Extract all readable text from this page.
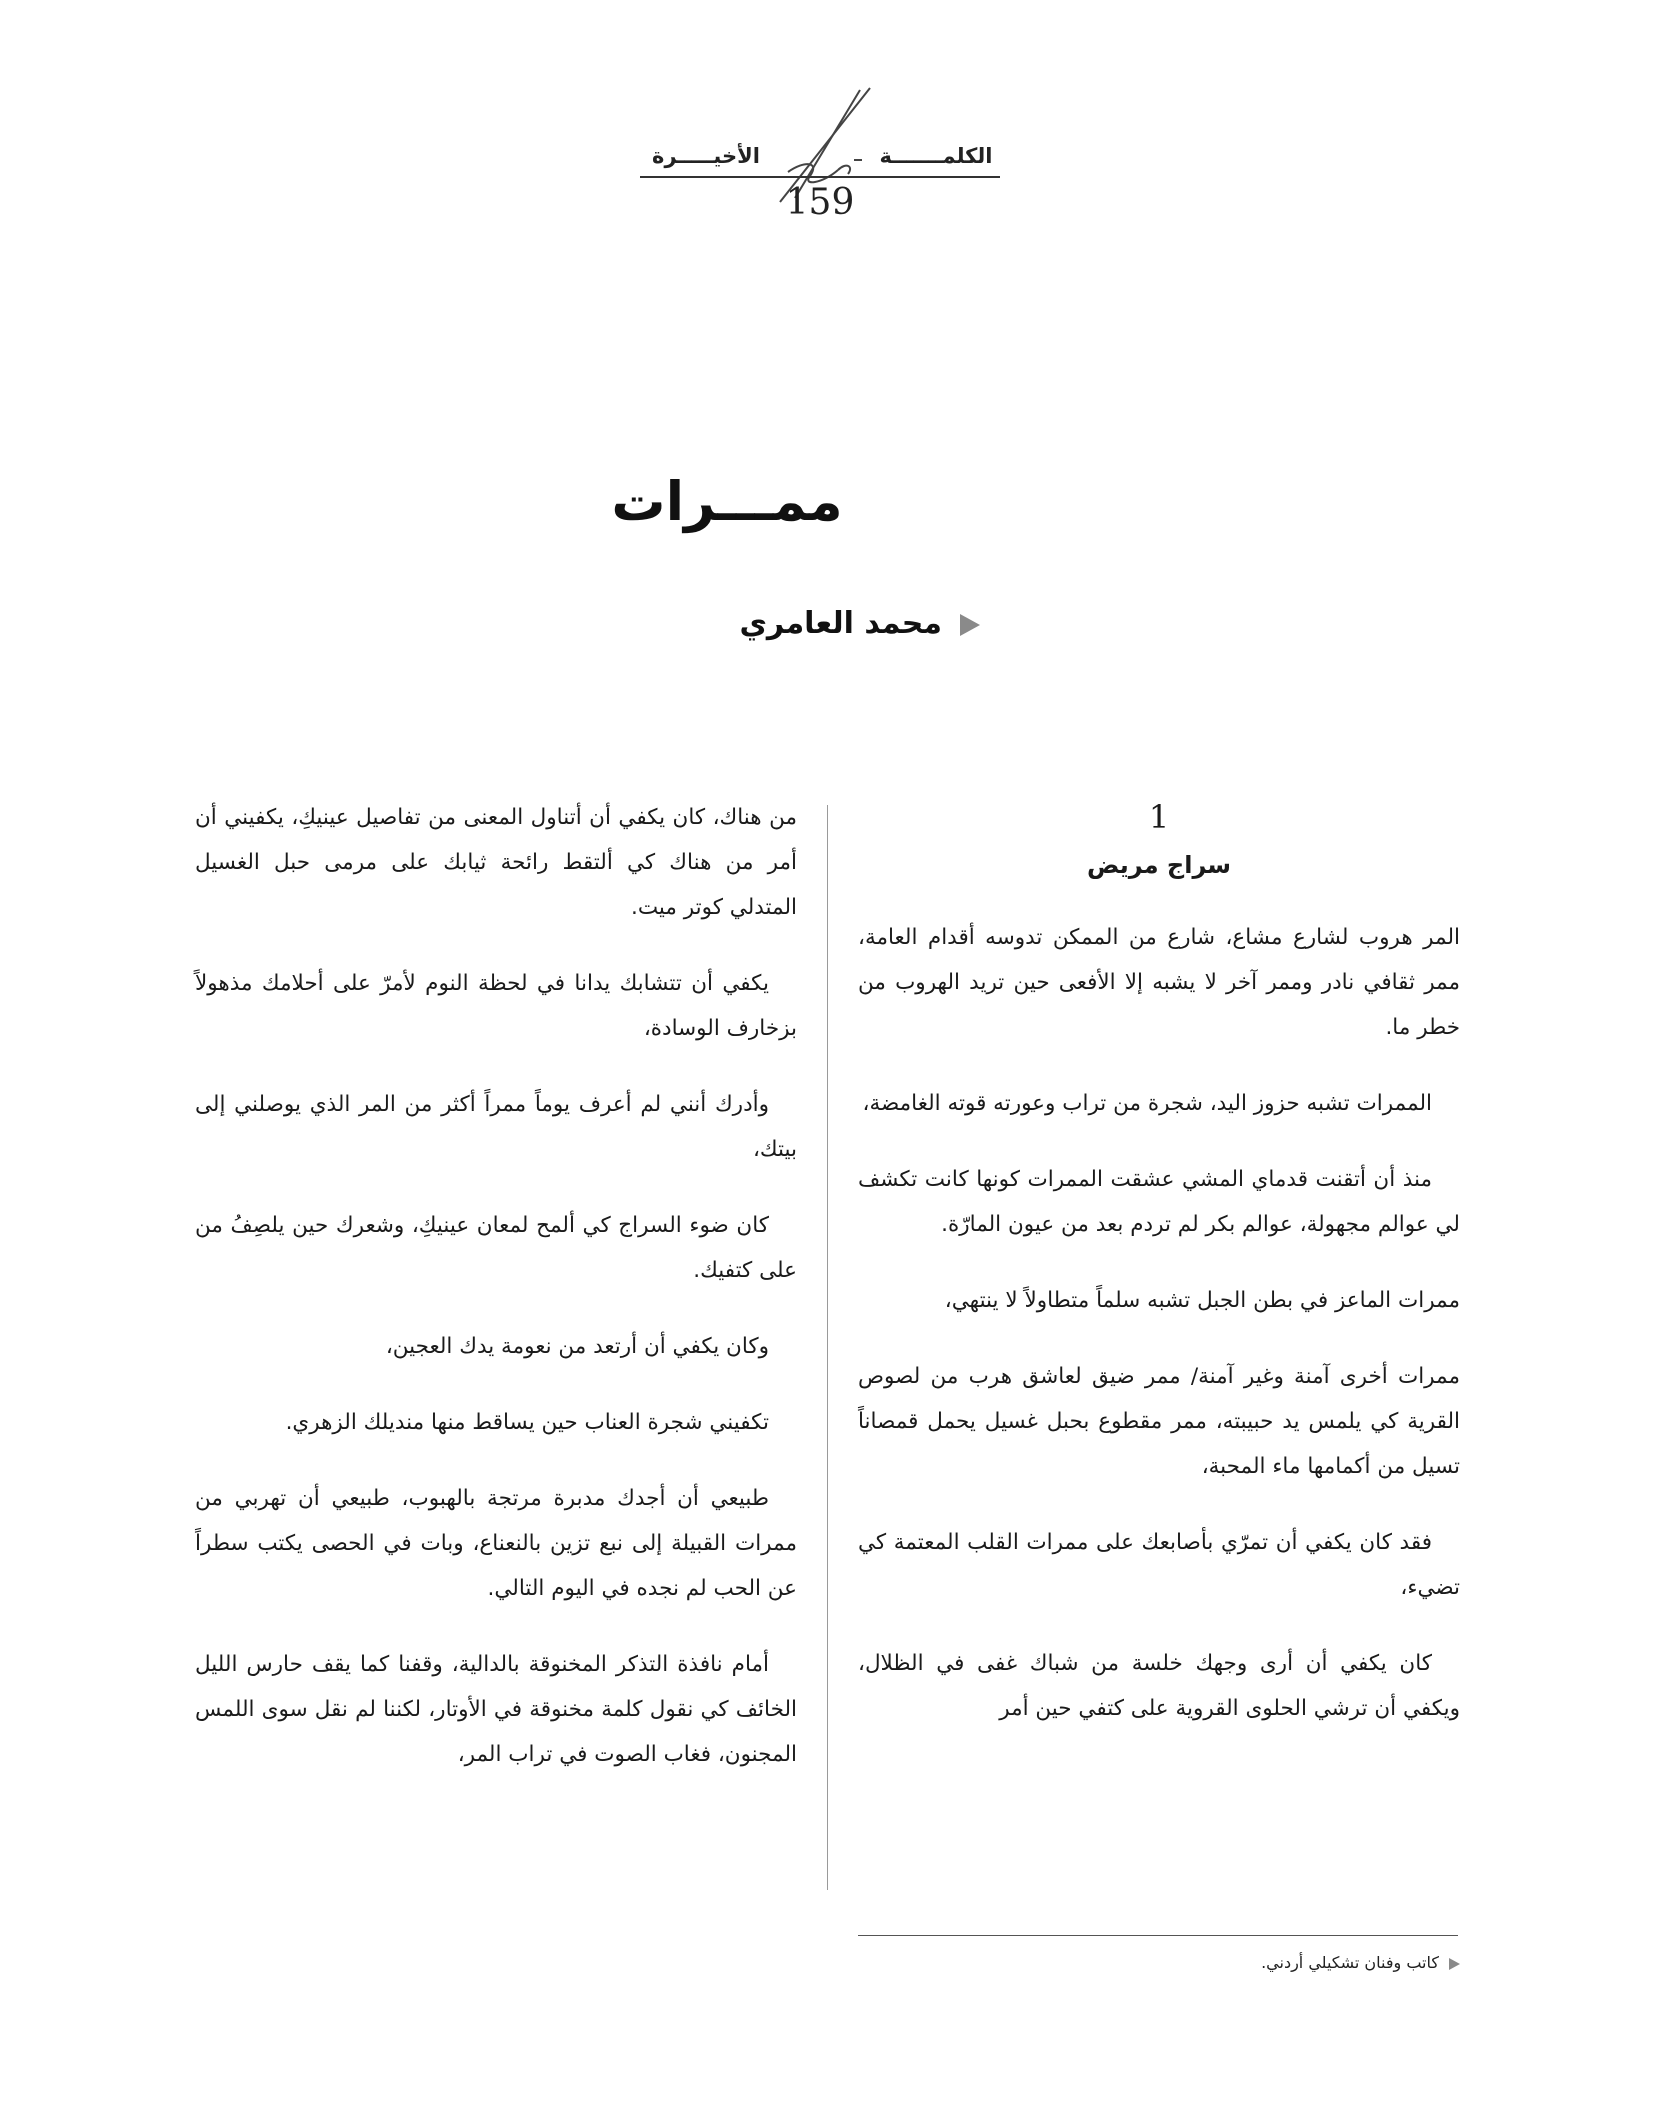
الكلمـــــــة
الأخيـــــرة
159
ممـــرات
محمد العامري
1
سراج مريض

المر هروب لشارع مشاع، شارع من الممكن تدوسه أقدام العامة، ممر ثقافي نادر وممر آخر لا يشبه إلا الأفعى حين تريد الهروب من خطر ما.

الممرات تشبه حزوز اليد، شجرة من تراب وعورته قوته الغامضة،

منذ أن أتقنت قدماي المشي عشقت الممرات كونها كانت تكشف لي عوالم مجهولة، عوالم بكر لم تردم بعد من عيون المارّة.

ممرات الماعز في بطن الجبل تشبه سلماً متطاولاً لا ينتهي،

ممرات أخرى آمنة وغير آمنة/ ممر ضيق لعاشق هرب من لصوص القرية كي يلمس يد حبيبته، ممر مقطوع بحبل غسيل يحمل قمصاناً تسيل من أكمامها ماء المحبة،

فقد كان يكفي أن تمرّي بأصابعك على ممرات القلب المعتمة كي تضيء،

كان يكفي أن أرى وجهك خلسة من شباك غفى في الظلال، ويكفي أن ترشي الحلوى القروية على كتفي حين أمر

من هناك، كان يكفي أن أتناول المعنى من تفاصيل عينيكِ، يكفيني أن أمر من هناك كي ألتقط رائحة ثيابك على مرمى حبل الغسيل المتدلي كوتر ميت.

يكفي أن تتشابك يدانا في لحظة النوم لأمرّ على أحلامك مذهولاً بزخارف الوسادة،

وأدرك أنني لم أعرف يوماً ممراً أكثر من المر الذي يوصلني إلى بيتك،

كان ضوء السراج كي ألمح لمعان عينيكِ، وشعرك حين يلصِفُ من على كتفيك.

وكان يكفي أن أرتعد من نعومة يدك العجين،

تكفيني شجرة العناب حين يساقط منها منديلك الزهري.

طبيعي أن أجدك مدبرة مرتجة بالهبوب، طبيعي أن تهربي من ممرات القبيلة إلى نبع تزين بالنعناع، وبات في الحصى يكتب سطراً عن الحب لم نجده في اليوم التالي.

أمام نافذة التذكر المخنوقة بالدالية، وقفنا كما يقف حارس الليل الخائف كي نقول كلمة مخنوقة في الأوتار، لكننا لم نقل سوى اللمس المجنون، فغاب الصوت في تراب المر،

كاتب وفنان تشكيلي أردني.
